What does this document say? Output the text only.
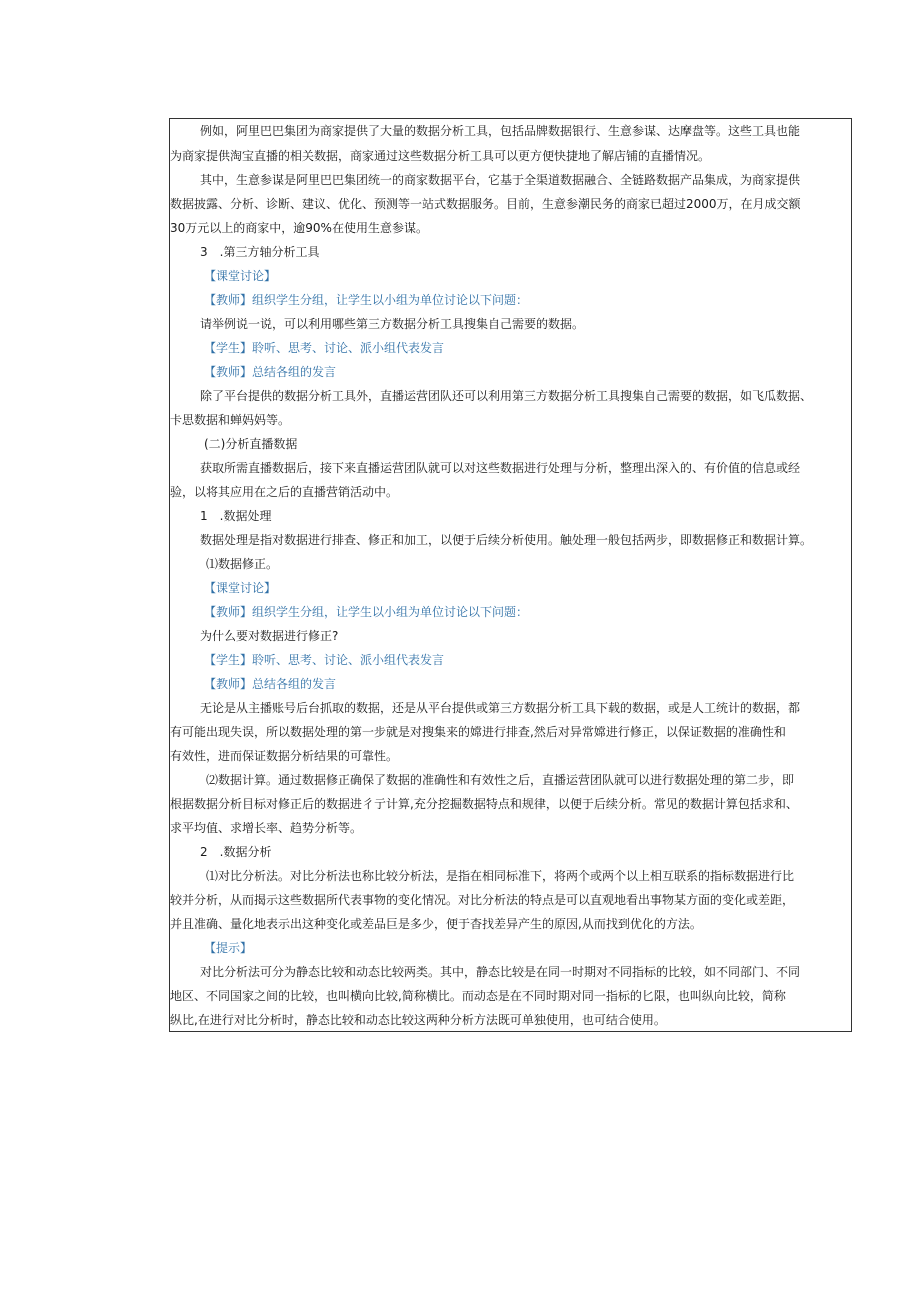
例如，阿里巴巴集团为商家提供了大量的数据分析工具，包括品牌数据银行、生意参谋、达摩盘等。这些工具也能
为商家提供淘宝直播的相关数据，商家通过这些数据分析工具可以更方便快捷地了解店铺的直播情况。
其中，生意参谋是阿里巴巴集团统一的商家数据平台，它基于全渠道数据融合、全链路数据产品集成，为商家提供
数据披露、分析、诊断、建议、优化、预测等一站式数据服务。目前，生意参潮民务的商家已超过2000万，在月成交额
30万元以上的商家中，逾90%在使用生意参谋。
3　.第三方轴分析工具
【课堂讨论】
【教师】组织学生分组，让学生以小组为单位讨论以下问题：
请举例说一说，可以利用哪些第三方数据分析工具搜集自己需要的数据。
【学生】聆听、思考、讨论、派小组代表发言
【教师】总结各组的发言
除了平台提供的数据分析工具外，直播运营团队还可以利用第三方数据分析工具搜集自己需要的数据，如飞瓜数据、
卡思数据和蝉妈妈等。
(二)分析直播数据
获取所需直播数据后，接下来直播运营团队就可以对这些数据进行处理与分析，整理出深入的、有价值的信息或经
验，以将其应用在之后的直播营销活动中。
1　.数据处理
数据处理是指对数据进行排查、修正和加工，以便于后续分析使用。触处理一般包括两步，即数据修正和数据计算。
⑴数据修正。
【课堂讨论】
【教师】组织学生分组，让学生以小组为单位讨论以下问题：
为什么要对数据进行修正?
【学生】聆听、思考、讨论、派小组代表发言
【教师】总结各组的发言
无论是从主播账号后台抓取的数据，还是从平台提供或第三方数据分析工具下载的数据，或是人工统计的数据，都
有可能出现失误，所以数据处理的第一步就是对搜集来的嫦进行排查,然后对异常嫦进行修正，以保证数据的准确性和
有效性，进而保证数据分析结果的可靠性。
⑵数据计算。通过数据修正确保了数据的准确性和有效性之后，直播运营团队就可以进行数据处理的第二步，即
根据数据分析目标对修正后的数据进彳亍计算,充分挖掘数据特点和规律，以便于后续分析。常见的数据计算包括求和、
求平均值、求增长率、趋势分析等。
2　.数据分析
⑴对比分析法。对比分析法也称比较分析法，是指在相同标准下，将两个或两个以上相互联系的指标数据进行比
较并分析，从而揭示这些数据所代表事物的变化情况。对比分析法的特点是可以直观地看出事物某方面的变化或差距，
并且准确、量化地表示出这种变化或差品巨是多少，便于杳找差异产生的原因,从而找到优化的方法。
【提示】
对比分析法可分为静态比较和动态比较两类。其中，静态比较是在同一时期对不同指标的比较，如不同部门、不同
地区、不同国家之间的比较，也叫横向比较,简称横比。而动态是在不同时期对同一指标的匕限，也叫纵向比较，简称
纵比,在进行对比分析时，静态比较和动态比较这两种分析方法既可单独使用，也可结合使用。
